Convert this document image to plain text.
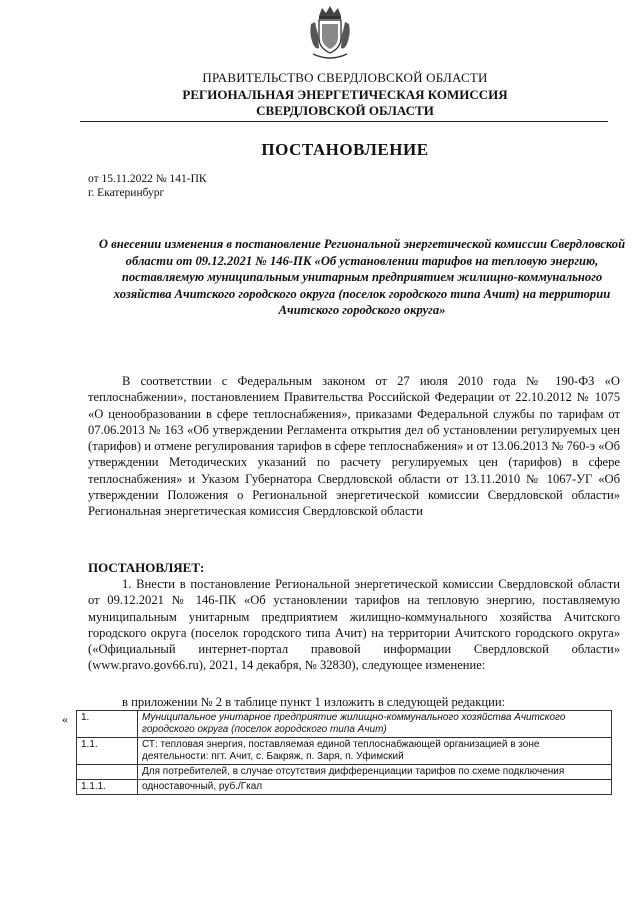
ПРАВИТЕЛЬСТВО СВЕРДЛОВСКОЙ ОБЛАСТИ
РЕГИОНАЛЬНАЯ ЭНЕРГЕТИЧЕСКАЯ КОМИССИЯ
СВЕРДЛОВСКОЙ ОБЛАСТИ
ПОСТАНОВЛЕНИЕ
от 15.11.2022 № 141-ПК
г. Екатеринбург
О внесении изменения в постановление Региональной энергетической комиссии Свердловской области от 09.12.2021 № 146-ПК «Об установлении тарифов на тепловую энергию, поставляемую муниципальным унитарным предприятием жилищно-коммунального хозяйства Ачитского городского округа (поселок городского типа Ачит) на территории Ачитского городского округа»

В соответствии с Федеральным законом от 27 июля 2010 года № 190-ФЗ «О теплоснабжении», постановлением Правительства Российской Федерации от 22.10.2012 № 1075 «О ценообразовании в сфере теплоснабжения», приказами Федеральной службы по тарифам от 07.06.2013 № 163 «Об утверждении Регламента открытия дел об установлении регулируемых цен (тарифов) и отмене регулирования тарифов в сфере теплоснабжения» и от 13.06.2013 № 760-э «Об утверждении Методических указаний по расчету регулируемых цен (тарифов) в сфере теплоснабжения» и Указом Губернатора Свердловской области от 13.11.2010 № 1067-УГ «Об утверждении Положения о Региональной энергетической комиссии Свердловской области» Региональная энергетическая комиссия Свердловской области

ПОСТАНОВЛЯЕТ:

1. Внести в постановление Региональной энергетической комиссии Свердловской области от 09.12.2021 № 146-ПК «Об установлении тарифов на тепловую энергию, поставляемую муниципальным унитарным предприятием жилищно-коммунального хозяйства Ачитского городского округа (поселок городского типа Ачит) на территории Ачитского городского округа» («Официальный интернет-портал правовой информации Свердловской области» (www.pravo.gov66.ru), 2021, 14 декабря, № 32830), следующее изменение:

в приложении № 2 в таблице пункт 1 изложить в следующей редакции:
« 1.	Муниципальное унитарное предприятие жилищно-коммунального хозяйства Ачитского городского округа (поселок городского типа Ачит)
1.1.	СТ: тепловая энергия, поставляемая единой теплоснабжающей организацией в зоне деятельности: пгт. Ачит, с. Бакряж, п. Заря, п. Уфимский
	Для потребителей, в случае отсутствия дифференциации тарифов по схеме подключения
1.1.1.	одноставочный, руб./Гкал
